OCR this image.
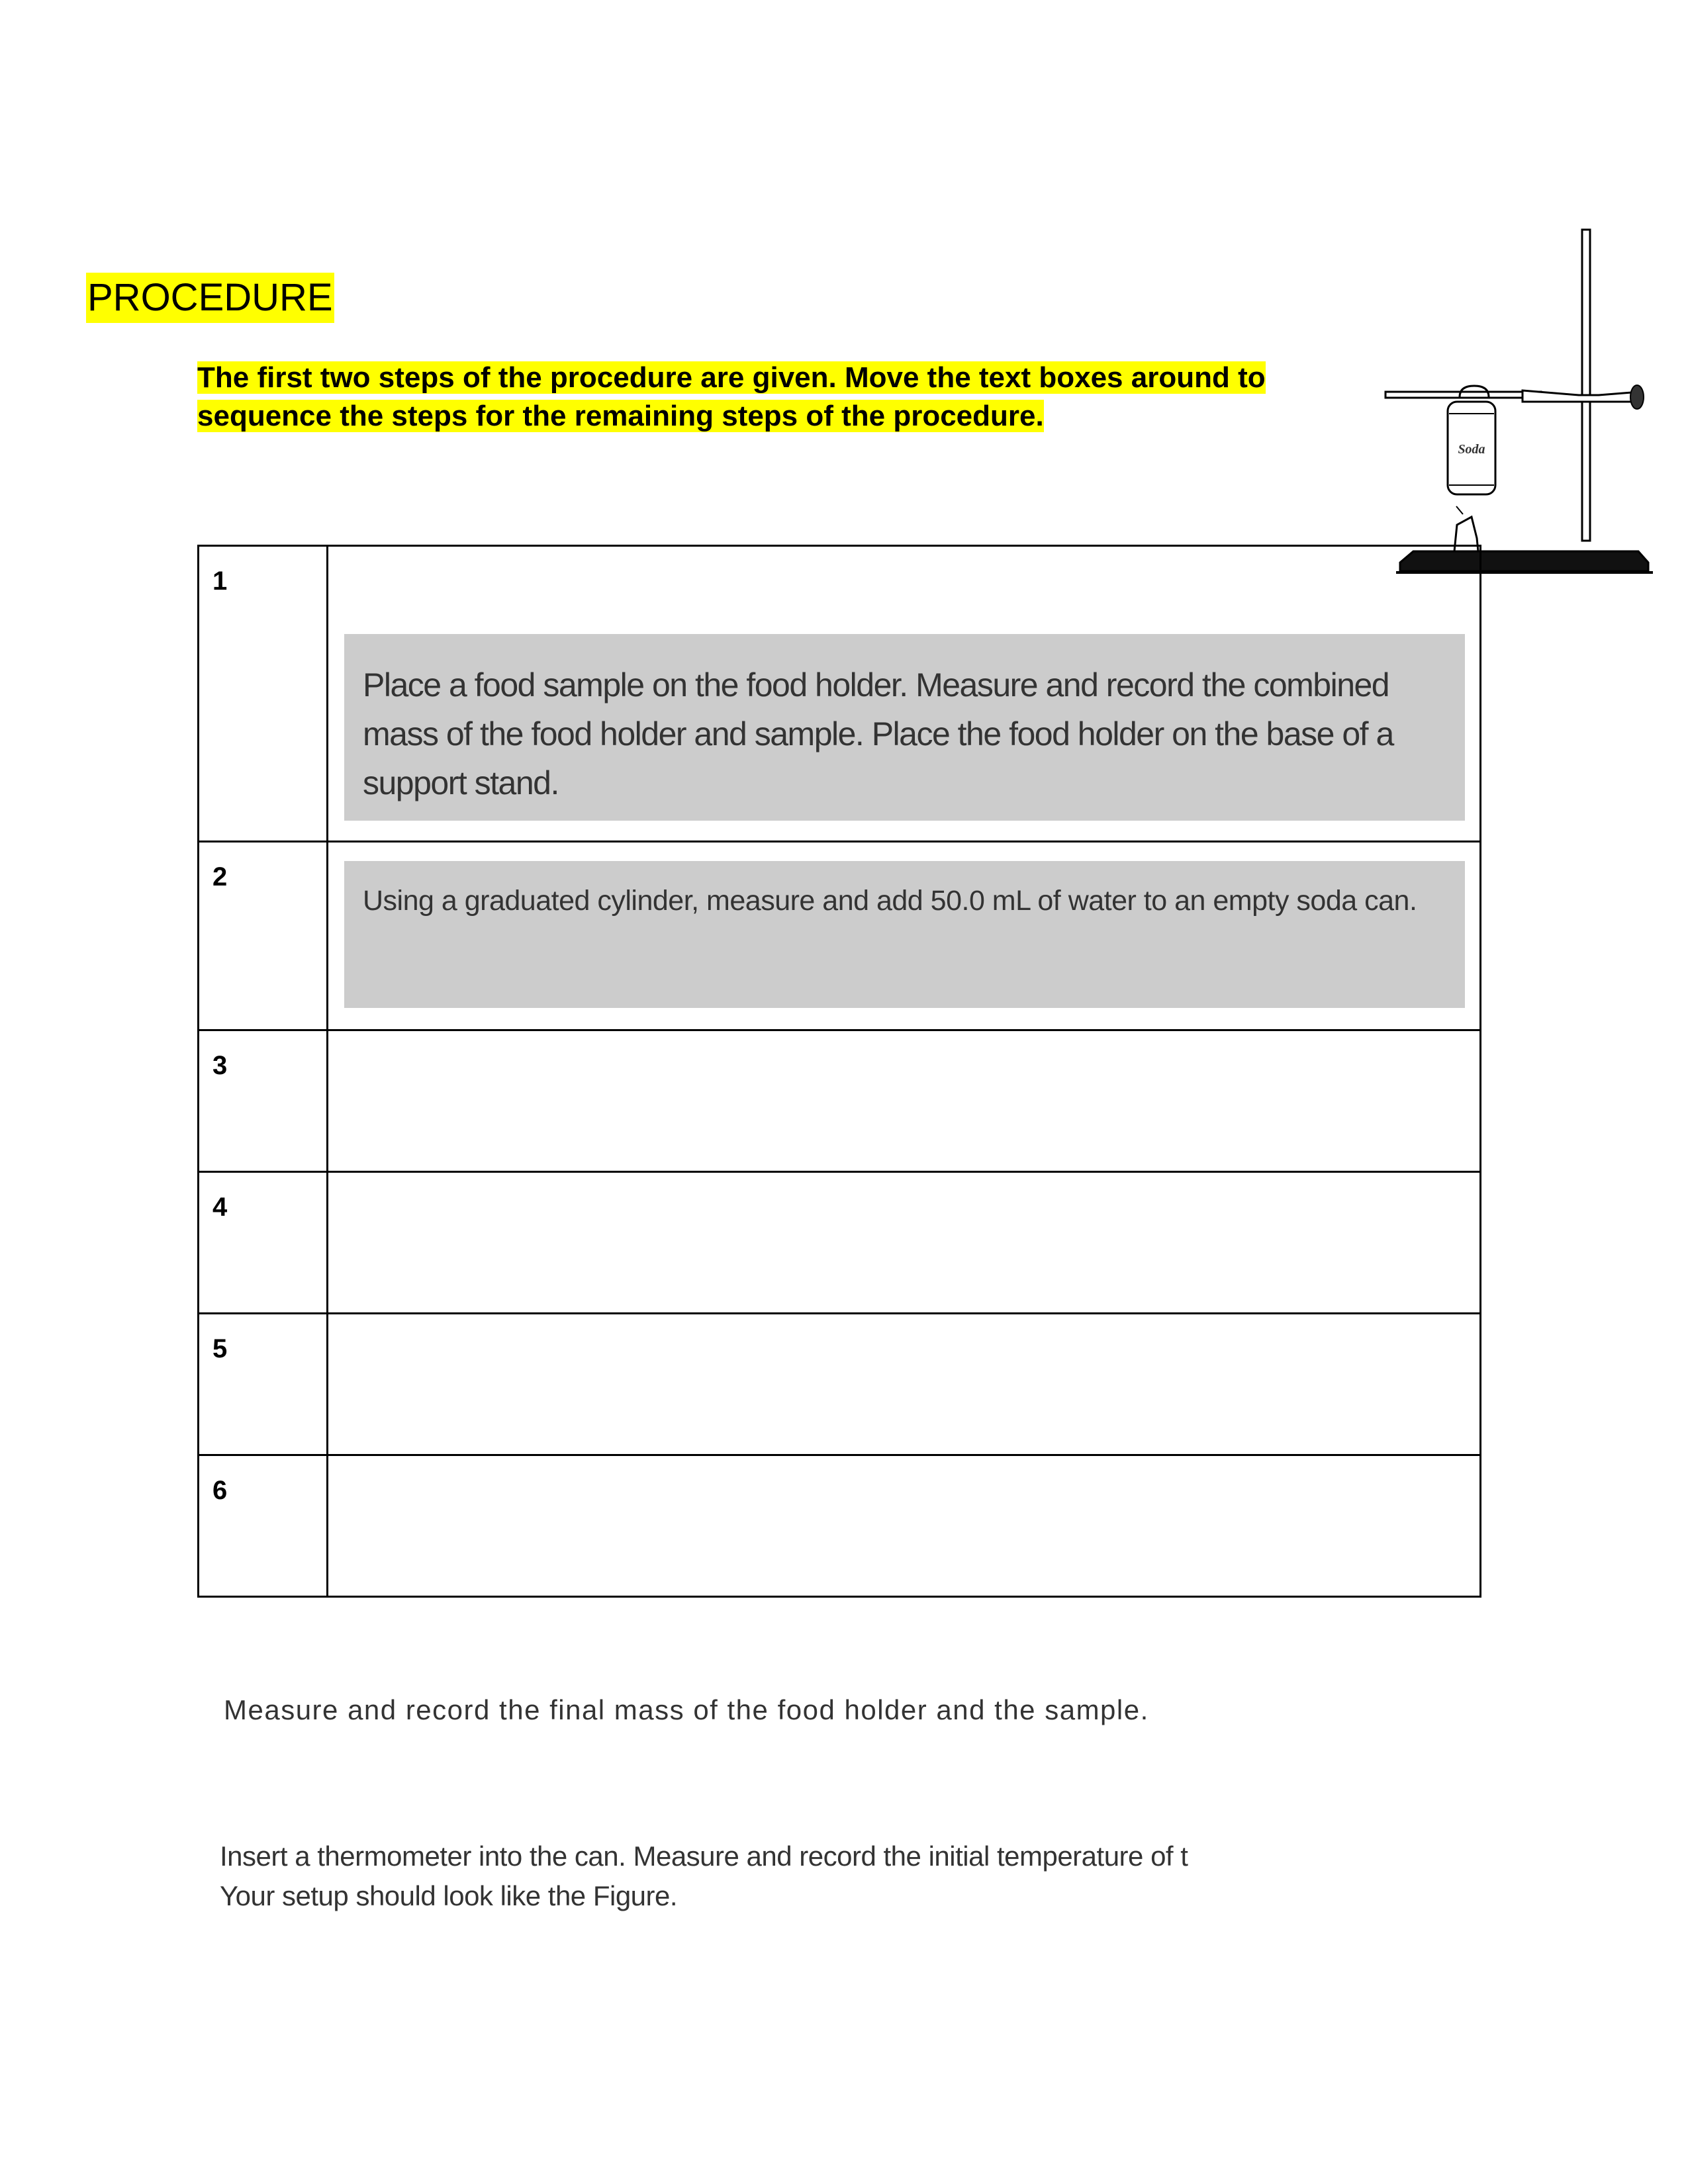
PROCEDURE
The first two steps of the procedure are given. Move the text boxes around to sequence the steps for the remaining steps of the procedure.
Soda
1	Place a food sample on the food holder. Measure and record the combined mass of the food holder and sample. Place the food holder on the base of a support stand.

2	Using a graduated cylinder, measure and add 50.0 mL of water to an empty soda can.

3	
4	
5	
6	
Measure and record the final mass of the food holder and the sample.
Insert a thermometer into the can. Measure and record the initial temperature of t
Your setup should look like the Figure.
